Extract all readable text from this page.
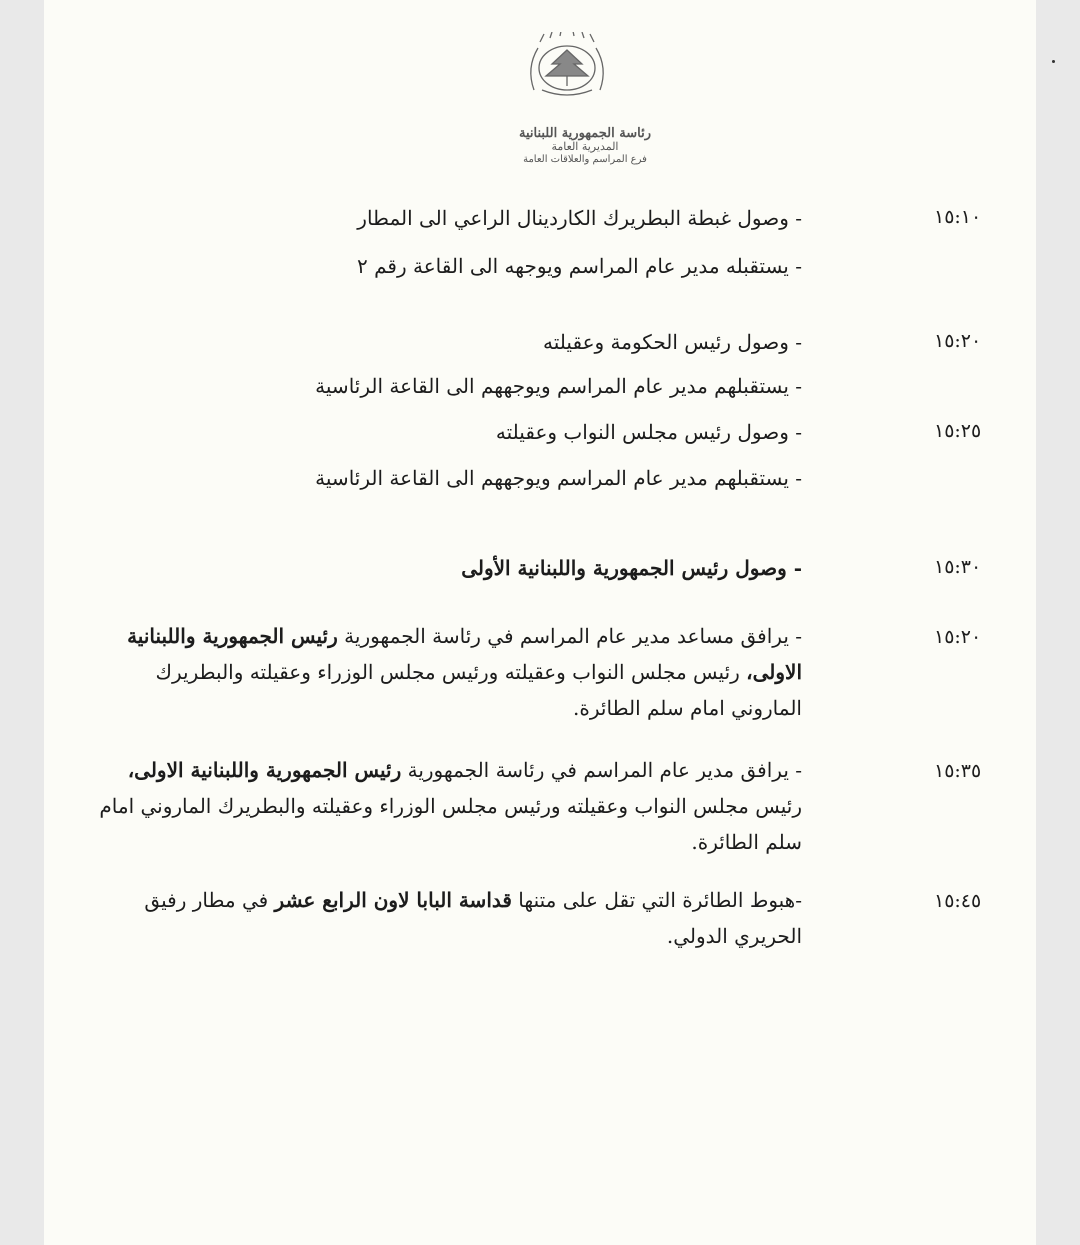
رئاسة الجمهورية اللبنانية
المديرية العامة
فرع المراسم والعلاقات العامة
١٥:١٠
- وصول غبطة البطريرك الكاردينال الراعي الى المطار
- يستقبله مدير عام المراسم ويوجهه الى القاعة رقم ٢
١٥:٢٠
- وصول رئيس الحكومة وعقيلته
- يستقبلهم مدير عام المراسم ويوجههم الى القاعة الرئاسية
١٥:٢٥
- وصول رئيس مجلس النواب وعقيلته
- يستقبلهم مدير عام المراسم ويوجههم الى القاعة الرئاسية
١٥:٣٠
- وصول رئيس الجمهورية واللبنانية الأولى
١٥:٢٠
- يرافق مساعد مدير عام المراسم في رئاسة الجمهورية رئيس الجمهورية واللبنانية الاولى، رئيس مجلس النواب وعقيلته ورئيس مجلس الوزراء وعقيلته والبطريرك الماروني امام سلم الطائرة.
١٥:٣٥
- يرافق مدير عام المراسم في رئاسة الجمهورية رئيس الجمهورية واللبنانية الاولى، رئيس مجلس النواب وعقيلته ورئيس مجلس الوزراء وعقيلته والبطريرك الماروني امام سلم الطائرة.
١٥:٤٥
-هبوط الطائرة التي تقل على متنها قداسة البابا لاون الرابع عشر في مطار رفيق الحريري الدولي.
